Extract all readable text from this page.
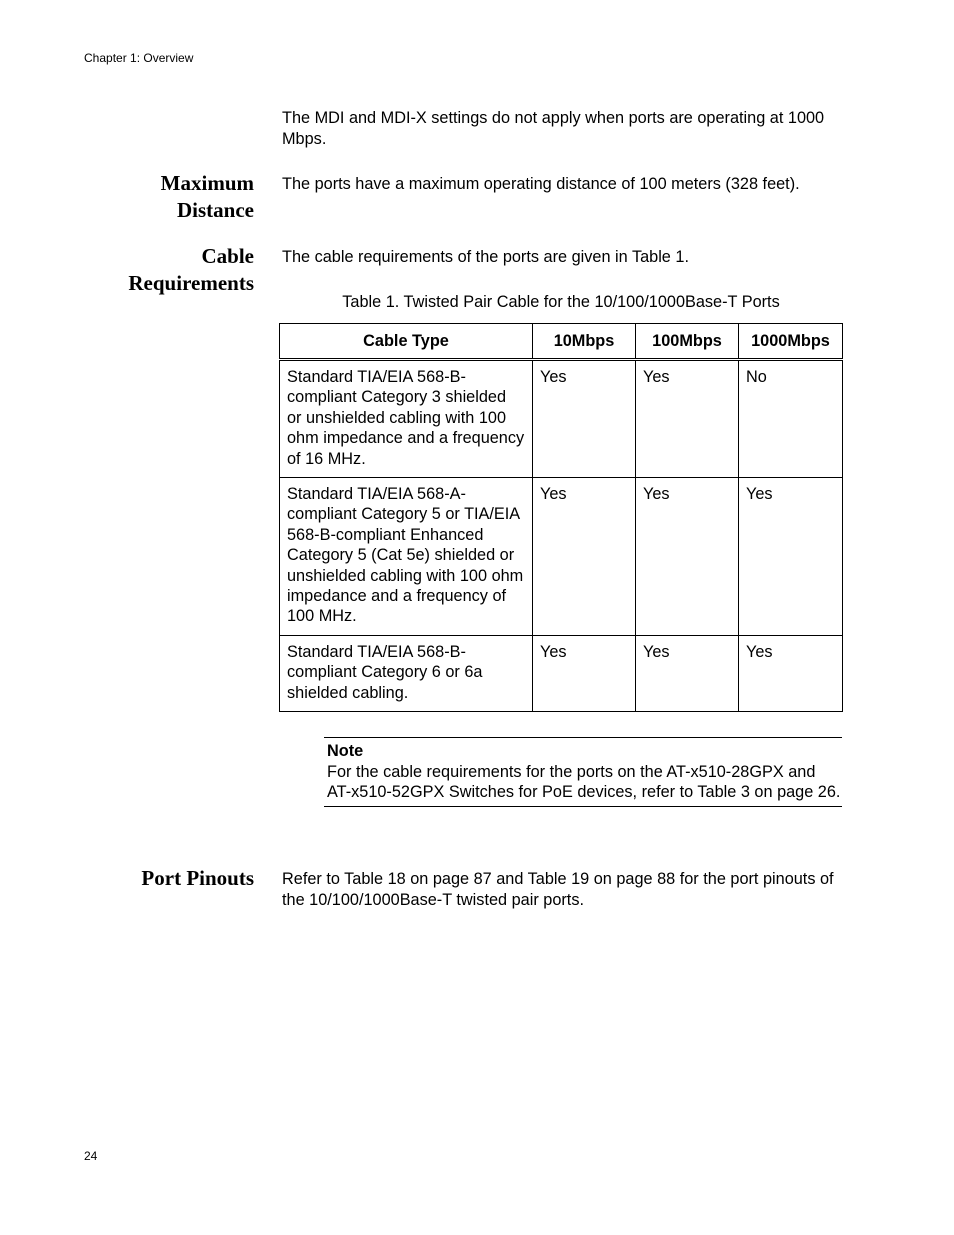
Chapter 1: Overview
The MDI and MDI-X settings do not apply when ports are operating at 1000 Mbps.
Maximum
Distance
The ports have a maximum operating distance of 100 meters (328 feet).
Cable
Requirements
The cable requirements of the ports are given in Table 1.
Table 1. Twisted Pair Cable for the 10/100/1000Base-T Ports
Cable Type	10Mbps	100Mbps	1000Mbps
Standard TIA/EIA 568-B-compliant Category 3 shielded or unshielded cabling with 100 ohm impedance and a frequency of 16 MHz.	Yes	Yes	No
Standard TIA/EIA 568-A-compliant Category 5 or TIA/EIA 568-B-compliant Enhanced Category 5 (Cat 5e) shielded or unshielded cabling with 100 ohm impedance and a frequency of 100 MHz.	Yes	Yes	Yes
Standard TIA/EIA 568-B-compliant Category 6 or 6a shielded cabling.	Yes	Yes	Yes
Note
For the cable requirements for the ports on the AT-x510-28GPX and AT-x510-52GPX Switches for PoE devices, refer to Table 3 on page 26.
Port Pinouts Refer to Table 18 on page 87 and Table 19 on page 88 for the port pinouts of the 10/100/1000Base-T twisted pair ports.
24
